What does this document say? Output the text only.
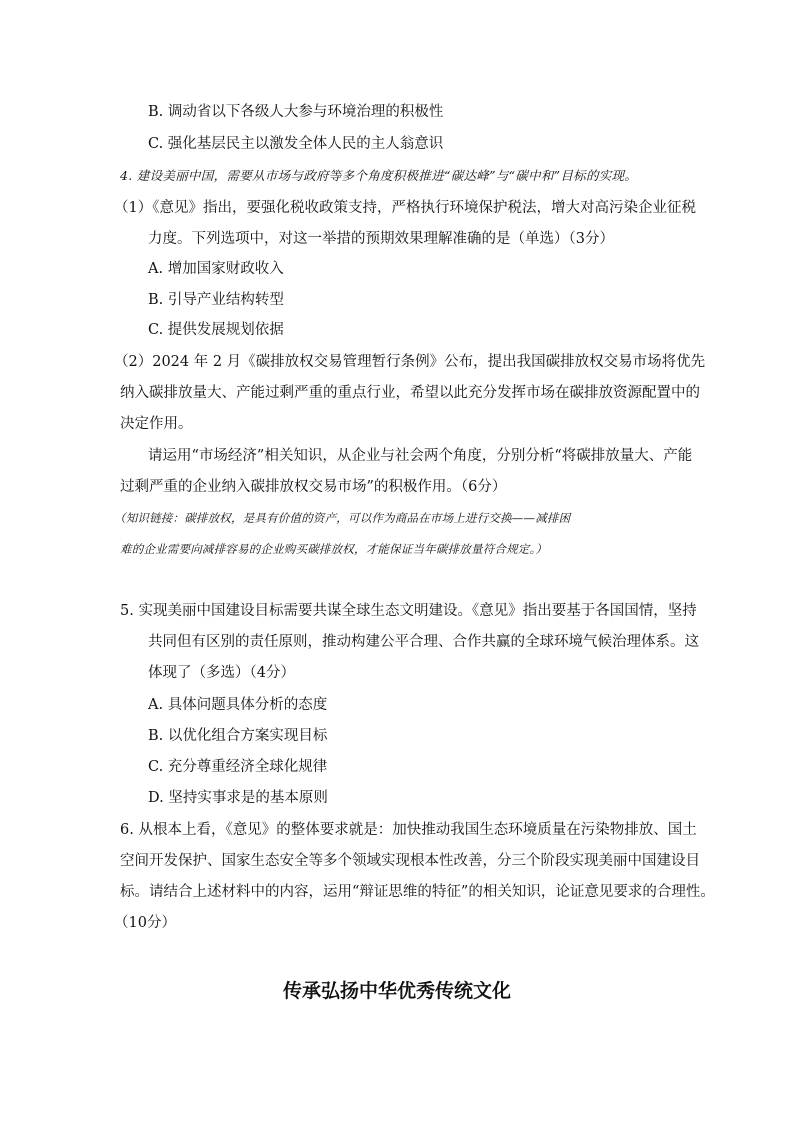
B. 调动省以下各级人大参与环境治理的积极性
C. 强化基层民主以激发全体人民的主人翁意识
4. 建设美丽中国，需要从市场与政府等多个角度积极推进“碳达峰”与“碳中和”目标的实现。
（1）《意见》指出，要强化税收政策支持，严格执行环境保护税法，增大对高污染企业征税
力度。下列选项中，对这一举措的预期效果理解准确的是（单选）（3分）
A. 增加国家财政收入
B. 引导产业结构转型
C. 提供发展规划依据
（2）2024 年 2 月《碳排放权交易管理暂行条例》公布，提出我国碳排放权交易市场将优先
纳入碳排放量大、产能过剩严重的重点行业，希望以此充分发挥市场在碳排放资源配置中的
决定作用。
请运用“市场经济”相关知识，从企业与社会两个角度，分别分析“将碳排放量大、产能
过剩严重的企业纳入碳排放权交易市场”的积极作用。（6分）
（知识链接：碳排放权，是具有价值的资产，可以作为商品在市场上进行交换——减排困
难的企业需要向减排容易的企业购买碳排放权，才能保证当年碳排放量符合规定。）
5. 实现美丽中国建设目标需要共谋全球生态文明建设。《意见》指出要基于各国国情，坚持
共同但有区别的责任原则，推动构建公平合理、合作共赢的全球环境气候治理体系。这
体现了（多选）（4分）
A. 具体问题具体分析的态度
B. 以优化组合方案实现目标
C. 充分尊重经济全球化规律
D. 坚持实事求是的基本原则
6. 从根本上看，《意见》的整体要求就是：加快推动我国生态环境质量在污染物排放、国土
空间开发保护、国家生态安全等多个领域实现根本性改善，分三个阶段实现美丽中国建设目
标。请结合上述材料中的内容，运用“辩证思维的特征”的相关知识，论证意见要求的合理性。
（10分）
传承弘扬中华优秀传统文化
